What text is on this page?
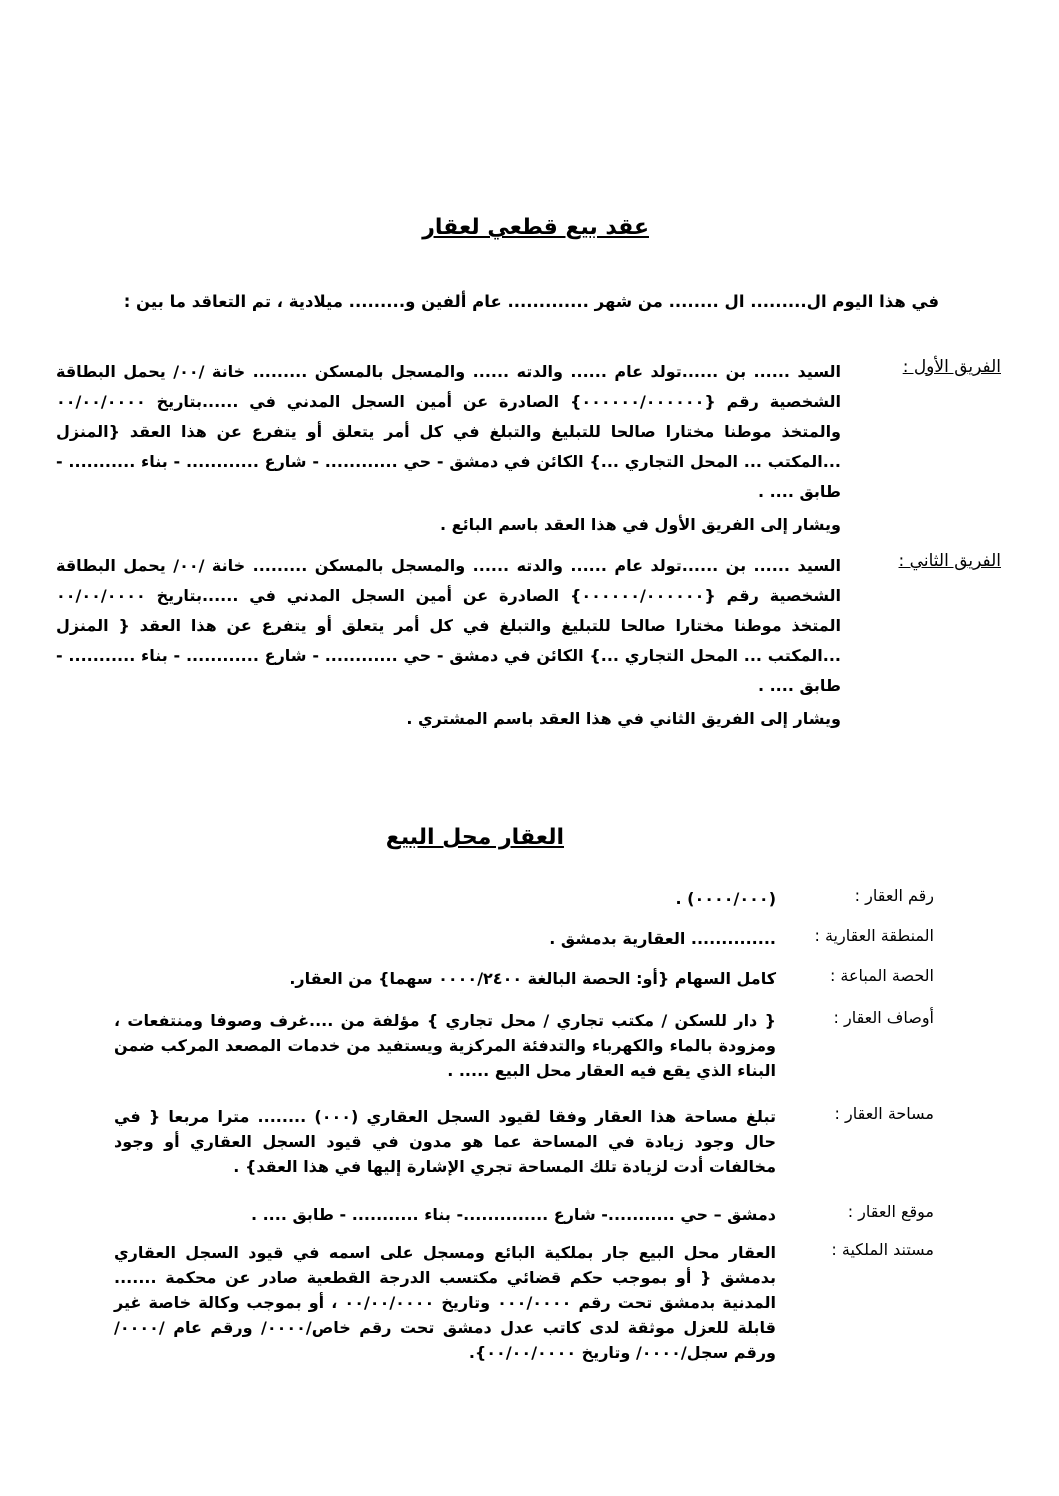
عقد بيع قطعي لعقار
في هذا اليوم ال......... ال ........ من شهر ............. عام ألفين و......... ميلادية ، تم التعاقد ما بين :
الفريق الأول :
السيد ...... بن ......تولد عام ...... والدته ...... والمسجل بالمسكن ......... خانة /٠٠/ يحمل البطاقة الشخصية رقم {٠٠٠٠٠٠/٠٠٠٠٠٠} الصادرة عن أمين السجل المدني في ......بتاريخ ٠٠/٠٠/٠٠٠٠ والمتخذ موطنا مختارا صالحا للتبليغ والتبلغ في كل أمر يتعلق أو يتفرع عن هذا العقد {المنزل ...المكتب ... المحل التجاري ...} الكائن في دمشق - حي ............ - شارع ............ - بناء ........... - طابق .... .
ويشار إلى الفريق الأول في هذا العقد باسم البائع .
الفريق الثاني :
السيد ...... بن ......تولد عام ...... والدته ...... والمسجل بالمسكن ......... خانة /٠٠/ يحمل البطاقة الشخصية رقم {٠٠٠٠٠٠/٠٠٠٠٠٠} الصادرة عن أمين السجل المدني في ......بتاريخ ٠٠/٠٠/٠٠٠٠ المتخذ موطنا مختارا صالحا للتبليغ والتبلغ في كل أمر يتعلق أو يتفرع عن هذا العقد { المنزل ...المكتب ... المحل التجاري ...} الكائن في دمشق - حي ............ - شارع ............ - بناء ........... - طابق .... .
ويشار إلى الفريق الثاني في هذا العقد باسم المشتري .
العقار محل البيع
رقم العقار :
(٠٠٠٠/٠٠٠) .
المنطقة العقارية :
.............. العقارية بدمشق .
الحصة المباعة :
كامل السهام {أو: الحصة البالغة ٠٠٠٠/٢٤٠٠ سهما} من العقار.
أوصاف العقار :
{ دار للسكن / مكتب تجاري / محل تجاري } مؤلفة من ....غرف وصوفا ومنتفعات ، ومزودة بالماء والكهرباء والتدفئة المركزية ويستفيد من خدمات المصعد المركب ضمن البناء الذي يقع فيه العقار محل البيع ..... .
مساحة العقار :
تبلغ مساحة هذا العقار وفقا لقيود السجل العقاري (٠٠٠) ........ مترا مربعا { في حال وجود زيادة في المساحة عما هو مدون في قيود السجل العقاري أو وجود مخالفات أدت لزيادة تلك المساحة تجري الإشارة إليها في هذا العقد} .
موقع العقار :
دمشق – حي ...........- شارع ..............- بناء ........... - طابق .... .
مستند الملكية :
العقار محل البيع جار بملكية البائع ومسجل على اسمه في قيود السجل العقاري بدمشق { أو بموجب حكم قضائي مكتسب الدرجة القطعية صادر عن محكمة ....... المدنية بدمشق تحت رقم ٠٠٠/٠٠٠٠ وتاريخ ٠٠/٠٠/٠٠٠٠ ، أو بموجب وكالة خاصة غير قابلة للعزل موثقة لدى كاتب عدل دمشق تحت رقم خاص/٠٠٠٠/ ورقم عام /٠٠٠٠/ ورقم سجل/٠٠٠٠/ وتاريخ ٠٠/٠٠/٠٠٠٠}.
